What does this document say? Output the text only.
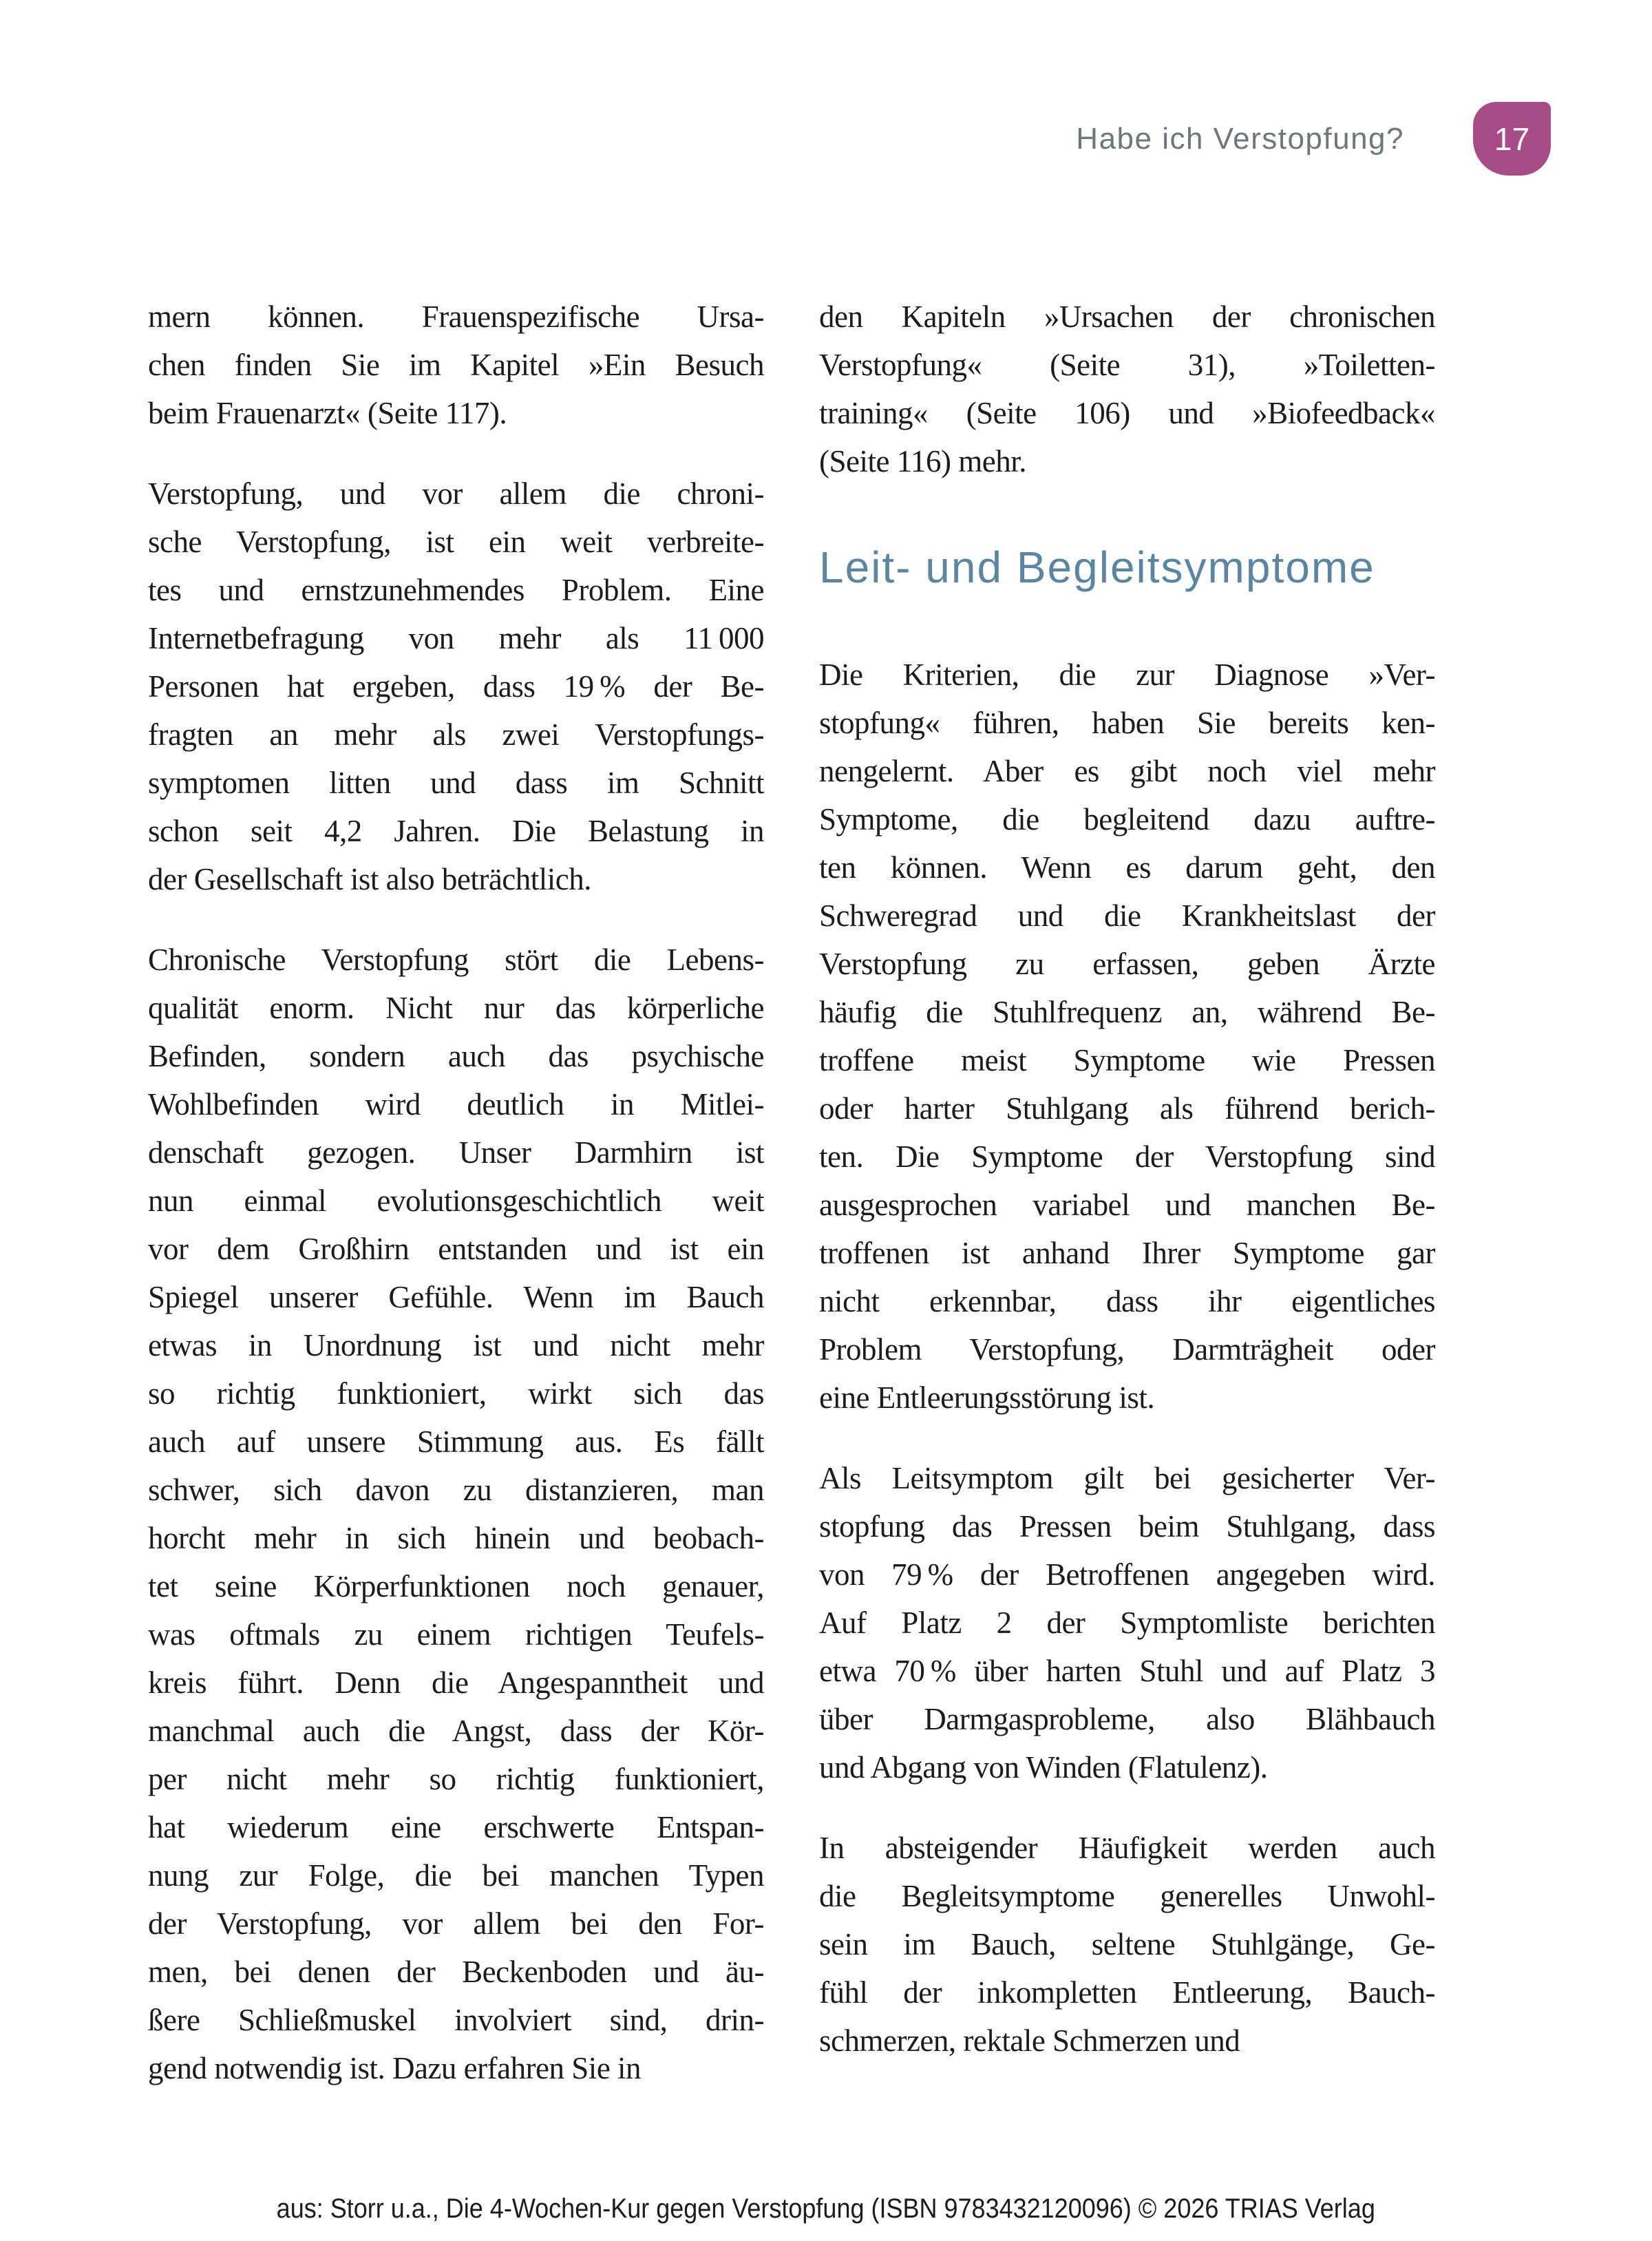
Habe ich Verstopfung?	17
mern können. Frauenspezifische Ursa-
chen finden Sie im Kapitel »Ein Besuch
beim Frauenarzt« (Seite 117).
Verstopfung, und vor allem die chroni-
sche Verstopfung, ist ein weit verbreite-
tes und ernstzunehmendes Problem. Eine
Internetbefragung von mehr als 11 000
Personen hat ergeben, dass 19 % der Be-
fragten an mehr als zwei Verstopfungs-
symptomen litten und dass im Schnitt
schon seit 4,2 Jahren. Die Belastung in
der Gesellschaft ist also beträchtlich.
Chronische Verstopfung stört die Lebens-
qualität enorm. Nicht nur das körperliche
Befinden, sondern auch das psychische
Wohlbefinden wird deutlich in Mitlei-
denschaft gezogen. Unser Darmhirn ist
nun einmal evolutionsgeschichtlich weit
vor dem Großhirn entstanden und ist ein
Spiegel unserer Gefühle. Wenn im Bauch
etwas in Unordnung ist und nicht mehr
so richtig funktioniert, wirkt sich das
auch auf unsere Stimmung aus. Es fällt
schwer, sich davon zu distanzieren, man
horcht mehr in sich hinein und beobach-
tet seine Körperfunktionen noch genauer,
was oftmals zu einem richtigen Teufels-
kreis führt. Denn die Angespanntheit und
manchmal auch die Angst, dass der Kör-
per nicht mehr so richtig funktioniert,
hat wiederum eine erschwerte Entspan-
nung zur Folge, die bei manchen Typen
der Verstopfung, vor allem bei den For-
men, bei denen der Beckenboden und äu-
ßere Schließmuskel involviert sind, drin-
gend notwendig ist. Dazu erfahren Sie in
den Kapiteln »Ursachen der chronischen
Verstopfung« (Seite 31), »Toiletten-
training« (Seite 106) und »Biofeedback«
(Seite 116) mehr.
Leit- und Begleitsymptome
Die Kriterien, die zur Diagnose »Ver-
stopfung« führen, haben Sie bereits ken-
nengelernt. Aber es gibt noch viel mehr
Symptome, die begleitend dazu auftre-
ten können. Wenn es darum geht, den
Schweregrad und die Krankheitslast der
Verstopfung zu erfassen, geben Ärzte
häufig die Stuhlfrequenz an, während Be-
troffene meist Symptome wie Pressen
oder harter Stuhlgang als führend berich-
ten. Die Symptome der Verstopfung sind
ausgesprochen variabel und manchen Be-
troffenen ist anhand Ihrer Symptome gar
nicht erkennbar, dass ihr eigentliches
Problem Verstopfung, Darmträgheit oder
eine Entleerungsstörung ist.
Als Leitsymptom gilt bei gesicherter Ver-
stopfung das Pressen beim Stuhlgang, dass
von 79 % der Betroffenen angegeben wird.
Auf Platz 2 der Symptomliste berichten
etwa 70 % über harten Stuhl und auf Platz 3
über Darmgasprobleme, also Blähbauch
und Abgang von Winden (Flatulenz).
In absteigender Häufigkeit werden auch
die Begleitsymptome generelles Unwohl-
sein im Bauch, seltene Stuhlgänge, Ge-
fühl der inkompletten Entleerung, Bauch-
schmerzen, rektale Schmerzen und
aus: Storr u.a., Die 4-Wochen-Kur gegen Verstopfung (ISBN 9783432120096) © 2026 TRIAS Verlag
